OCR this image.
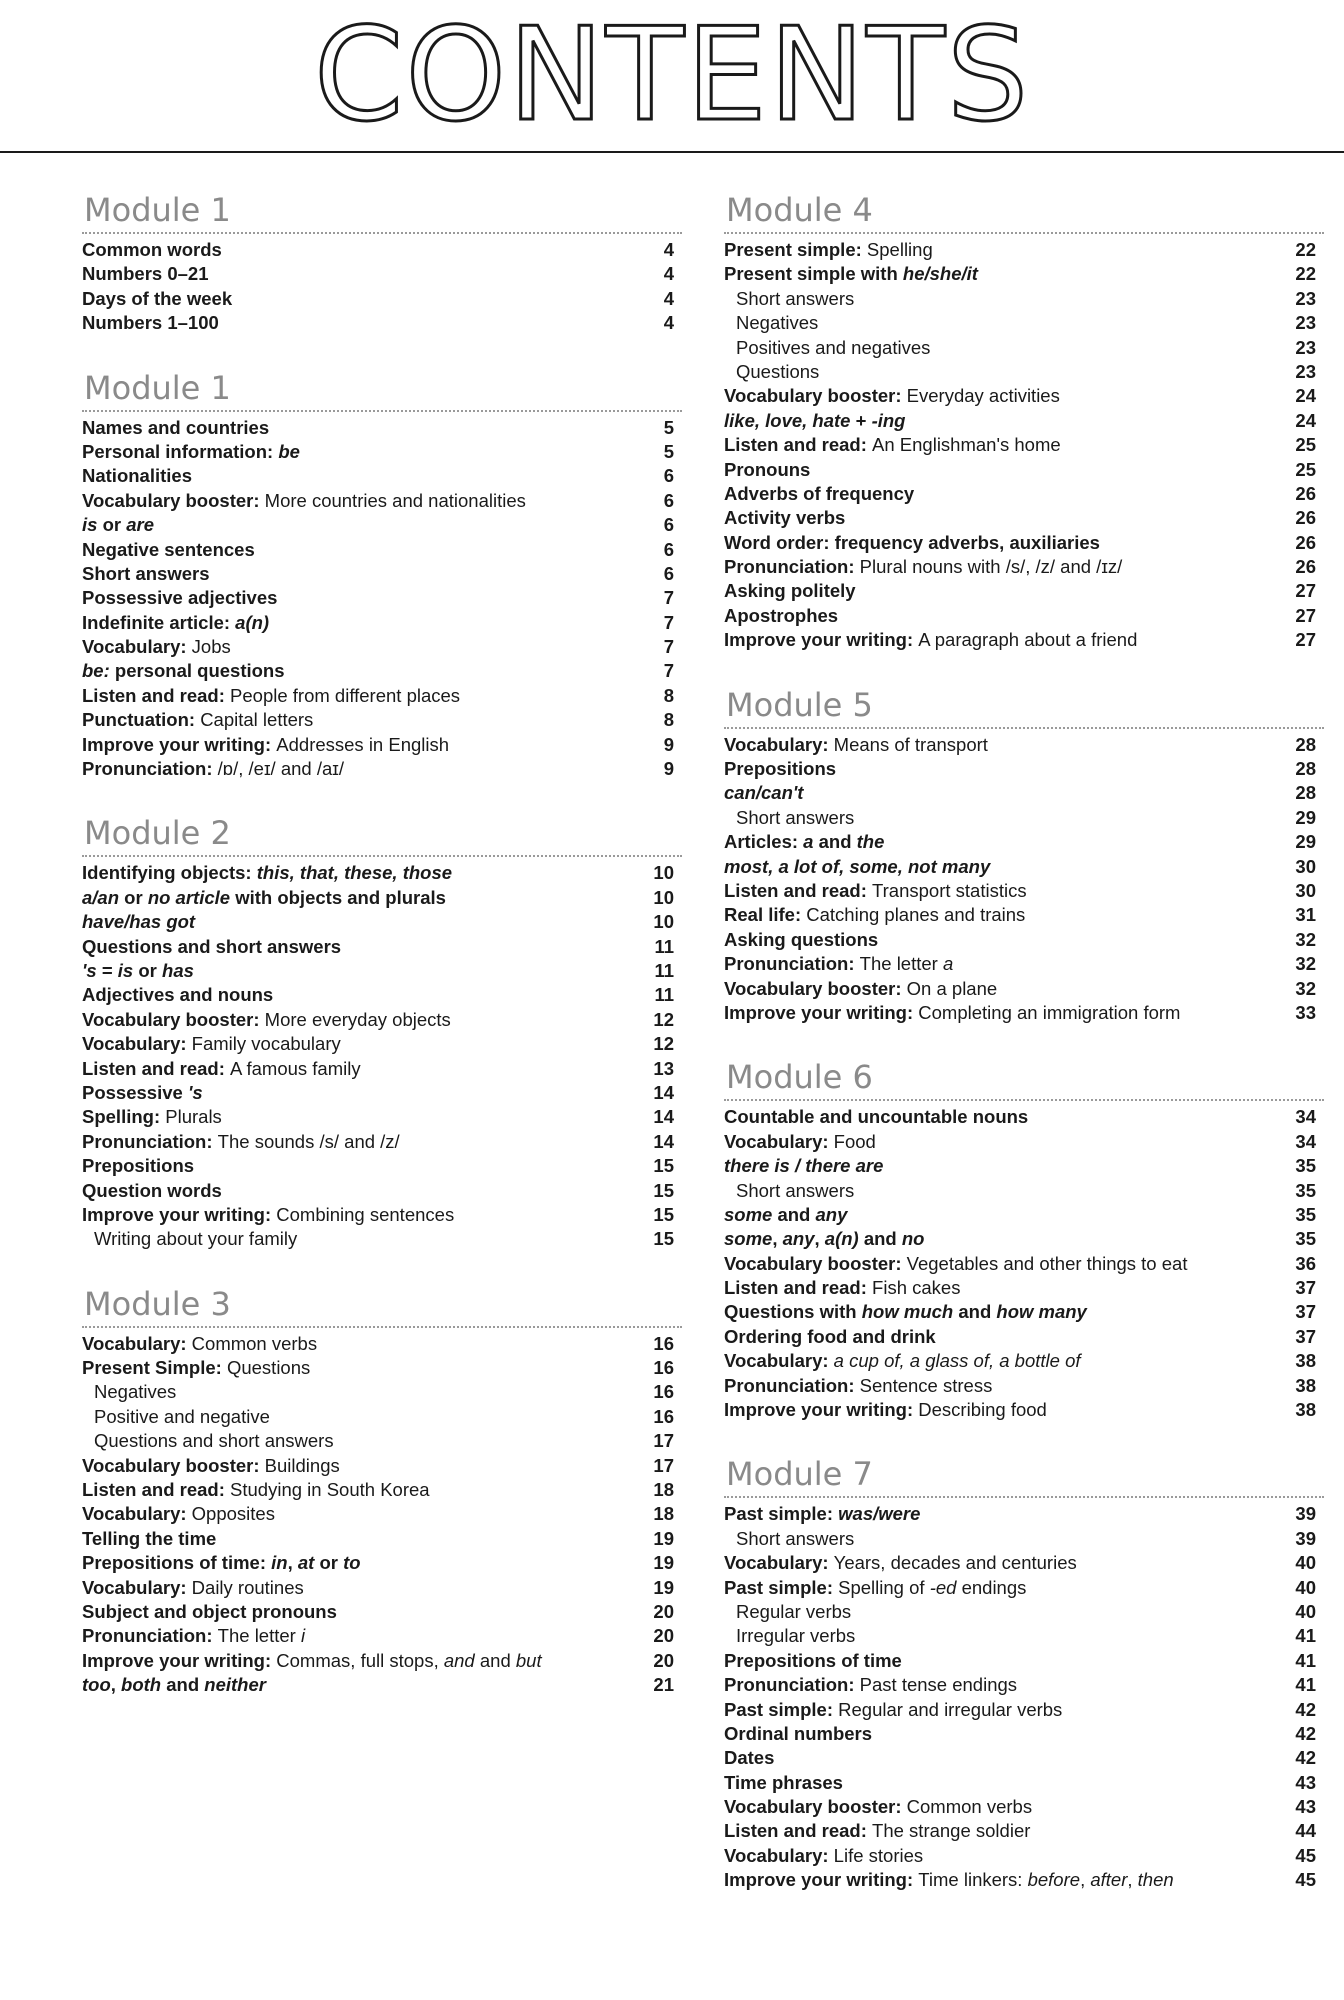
CONTENTS
Module 1
Common words	4
Numbers 0–21	4
Days of the week	4
Numbers 1–100	4
Module 1
Names and countries	5
Personal information: be	5
Nationalities	6
Vocabulary booster: More countries and nationalities	6
is or are	6
Negative sentences	6
Short answers	6
Possessive adjectives	7
Indefinite article: a(n)	7
Vocabulary: Jobs	7
be: personal questions	7
Listen and read: People from different places	8
Punctuation: Capital letters	8
Improve your writing: Addresses in English	9
Pronunciation: /ɒ/, /eɪ/ and /aɪ/	9
Module 2
Identifying objects: this, that, these, those	10
a/an or no article with objects and plurals	10
have/has got	10
Questions and short answers	11
's = is or has	11
Adjectives and nouns	11
Vocabulary booster: More everyday objects	12
Vocabulary: Family vocabulary	12
Listen and read: A famous family	13
Possessive 's	14
Spelling: Plurals	14
Pronunciation: The sounds /s/ and /z/	14
Prepositions	15
Question words	15
Improve your writing: Combining sentences	15
Writing about your family	15
Module 3
Vocabulary: Common verbs	16
Present Simple: Questions	16
Negatives	16
Positive and negative	16
Questions and short answers	17
Vocabulary booster: Buildings	17
Listen and read: Studying in South Korea	18
Vocabulary: Opposites	18
Telling the time	19
Prepositions of time: in, at or to	19
Vocabulary: Daily routines	19
Subject and object pronouns	20
Pronunciation: The letter i	20
Improve your writing: Commas, full stops, and and but	20
too, both and neither	21
Module 4
Present simple: Spelling	22
Present simple with he/she/it	22
Short answers	23
Negatives	23
Positives and negatives	23
Questions	23
Vocabulary booster: Everyday activities	24
like, love, hate + -ing	24
Listen and read: An Englishman's home	25
Pronouns	25
Adverbs of frequency	26
Activity verbs	26
Word order: frequency adverbs, auxiliaries	26
Pronunciation: Plural nouns with /s/, /z/ and /ɪz/	26
Asking politely	27
Apostrophes	27
Improve your writing: A paragraph about a friend	27
Module 5
Vocabulary: Means of transport	28
Prepositions	28
can/can't	28
Short answers	29
Articles: a and the	29
most, a lot of, some, not many	30
Listen and read: Transport statistics	30
Real life: Catching planes and trains	31
Asking questions	32
Pronunciation: The letter a	32
Vocabulary booster: On a plane	32
Improve your writing: Completing an immigration form	33
Module 6
Countable and uncountable nouns	34
Vocabulary: Food	34
there is / there are	35
Short answers	35
some and any	35
some, any, a(n) and no	35
Vocabulary booster: Vegetables and other things to eat	36
Listen and read: Fish cakes	37
Questions with how much and how many	37
Ordering food and drink	37
Vocabulary: a cup of, a glass of, a bottle of	38
Pronunciation: Sentence stress	38
Improve your writing: Describing food	38
Module 7
Past simple: was/were	39
Short answers	39
Vocabulary: Years, decades and centuries	40
Past simple: Spelling of -ed endings	40
Regular verbs	40
Irregular verbs	41
Prepositions of time	41
Pronunciation: Past tense endings	41
Past simple: Regular and irregular verbs	42
Ordinal numbers	42
Dates	42
Time phrases	43
Vocabulary booster: Common verbs	43
Listen and read: The strange soldier	44
Vocabulary: Life stories	45
Improve your writing: Time linkers: before, after, then	45
